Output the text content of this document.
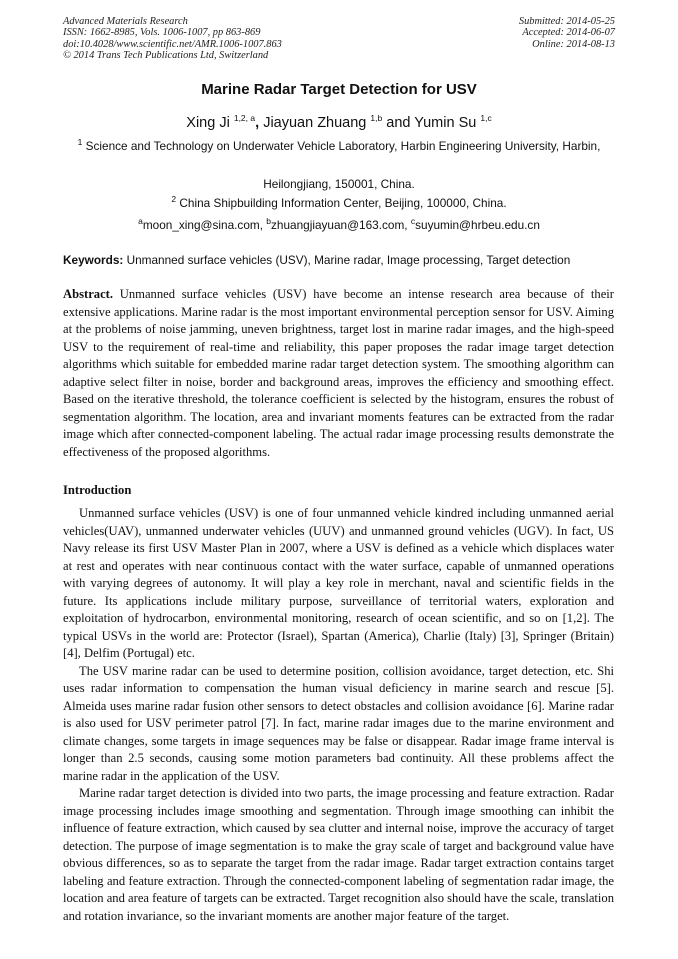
Advanced Materials Research
ISSN: 1662-8985, Vols. 1006-1007, pp 863-869
doi:10.4028/www.scientific.net/AMR.1006-1007.863
© 2014 Trans Tech Publications Ltd, Switzerland
Submitted: 2014-05-25
Accepted: 2014-06-07
Online: 2014-08-13
Marine Radar Target Detection for USV
Xing Ji $^{1,2, a}$, Jiayuan Zhuang $^{1,b}$ and Yumin Su $^{1,c}$
$^1$ Science and Technology on Underwater Vehicle Laboratory, Harbin Engineering University, Harbin,
Heilongjiang, 150001, China.
$^2$ China Shipbuilding Information Center, Beijing, 100000, China.
$^a$moon_xing@sina.com, $^b$zhuangjiayuan@163.com, $^c$suyumin@hrbeu.edu.cn
Keywords: Unmanned surface vehicles (USV), Marine radar, Image processing, Target detection
Abstract. Unmanned surface vehicles (USV) have become an intense research area because of their extensive applications. Marine radar is the most important environmental perception sensor for USV. Aiming at the problems of noise jamming, uneven brightness, target lost in marine radar images, and the high-speed USV to the requirement of real-time and reliability, this paper proposes the radar image target detection algorithms which suitable for embedded marine radar target detection system. The smoothing algorithm can adaptive select filter in noise, border and background areas, improves the efficiency and smoothing effect. Based on the iterative threshold, the tolerance coefficient is selected by the histogram, ensures the robust of segmentation algorithm. The location, area and invariant moments features can be extracted from the radar image which after connected-component labeling. The actual radar image processing results demonstrate the effectiveness of the proposed algorithms.
Introduction

Unmanned surface vehicles (USV) is one of four unmanned vehicle kindred including unmanned aerial vehicles(UAV), unmanned underwater vehicles (UUV) and unmanned ground vehicles (UGV). In fact, US Navy release its first USV Master Plan in 2007, where a USV is defined as a vehicle which displaces water at rest and operates with near continuous contact with the water surface, capable of unmanned operations with varying degrees of autonomy. It will play a key role in merchant, naval and scientific fields in the future. Its applications include military purpose, surveillance of territorial waters, exploration and exploitation of hydrocarbon, environmental monitoring, research of ocean scientific, and so on [1,2]. The typical USVs in the world are: Protector (Israel), Spartan (America), Charlie (Italy) [3], Springer (Britain) [4], Delfim (Portugal) etc.

The USV marine radar can be used to determine position, collision avoidance, target detection, etc. Shi uses radar information to compensation the human visual deficiency in marine search and rescue [5]. Almeida uses marine radar fusion other sensors to detect obstacles and collision avoidance [6]. Marine radar is also used for USV perimeter patrol [7]. In fact, marine radar images due to the marine environment and climate changes, some targets in image sequences may be false or disappear. Radar image frame interval is longer than 2.5 seconds, causing some motion parameters bad continuity. All these problems affect the marine radar in the application of the USV.

Marine radar target detection is divided into two parts, the image processing and feature extraction. Radar image processing includes image smoothing and segmentation. Through image smoothing can inhibit the influence of feature extraction, which caused by sea clutter and internal noise, improve the accuracy of target detection. The purpose of image segmentation is to make the gray scale of target and background value have obvious differences, so as to separate the target from the radar image. Radar target extraction contains target labeling and feature extraction. Through the connected-component labeling of segmentation radar image, the location and area feature of targets can be extracted. Target recognition also should have the scale, translation and rotation invariance, so the invariant moments are another major feature of the target.
